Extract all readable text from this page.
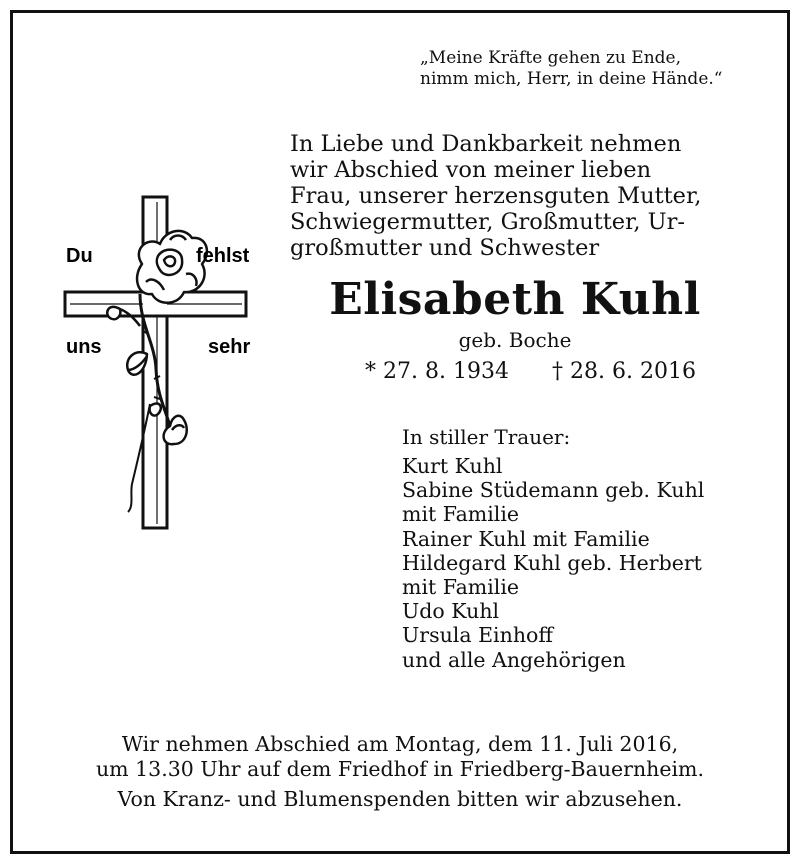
„Meine Kräfte gehen zu Ende,
nimm mich, Herr, in deine Hände.“
In Liebe und Dankbarkeit nehmen
wir Abschied von meiner lieben
Frau, unserer herzensguten Mutter,
Schwiegermutter, Großmutter, Ur-
großmutter und Schwester
Du	fehlst
uns	sehr
Elisabeth Kuhl
geb. Boche
* 27. 8. 1934 † 28. 6. 2016
In stiller Trauer:
Kurt Kuhl
Sabine Stüdemann geb. Kuhl
mit Familie
Rainer Kuhl mit Familie
Hildegard Kuhl geb. Herbert
mit Familie
Udo Kuhl
Ursula Einhoff
und alle Angehörigen
Wir nehmen Abschied am Montag, dem 11. Juli 2016,
um 13.30 Uhr auf dem Friedhof in Friedberg-Bauernheim.
Von Kranz- und Blumenspenden bitten wir abzusehen.
